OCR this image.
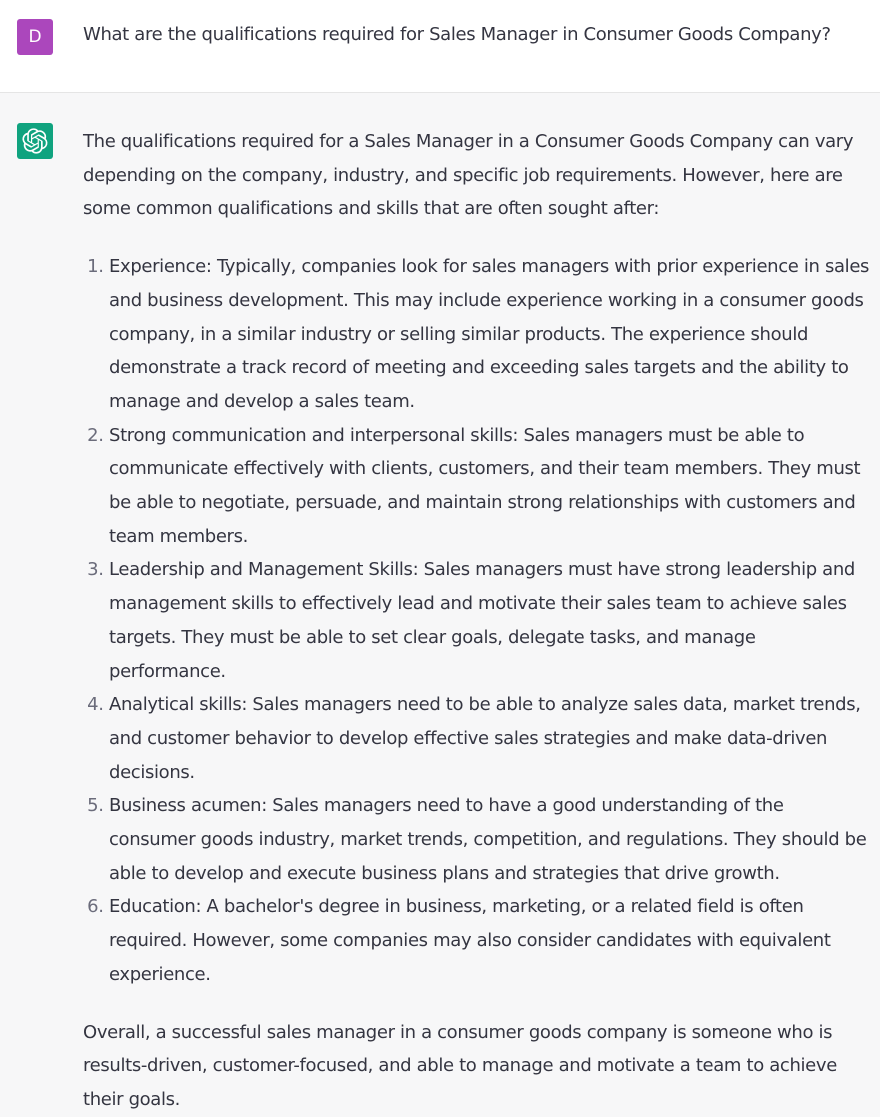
D	What are the qualifications required for Sales Manager in Consumer Goods Company?

The qualifications required for a Sales Manager in a Consumer Goods Company can vary depending on the company, industry, and specific job requirements. However, here are some common qualifications and skills that are often sought after:

1. Experience: Typically, companies look for sales managers with prior experience in sales and business development. This may include experience working in a consumer goods company, in a similar industry or selling similar products. The experience should demonstrate a track record of meeting and exceeding sales targets and the ability to manage and develop a sales team.
2. Strong communication and interpersonal skills: Sales managers must be able to communicate effectively with clients, customers, and their team members. They must be able to negotiate, persuade, and maintain strong relationships with customers and team members.
3. Leadership and Management Skills: Sales managers must have strong leadership and management skills to effectively lead and motivate their sales team to achieve sales targets. They must be able to set clear goals, delegate tasks, and manage performance.
4. Analytical skills: Sales managers need to be able to analyze sales data, market trends, and customer behavior to develop effective sales strategies and make data-driven decisions.
5. Business acumen: Sales managers need to have a good understanding of the consumer goods industry, market trends, competition, and regulations. They should be able to develop and execute business plans and strategies that drive growth.
6. Education: A bachelor's degree in business, marketing, or a related field is often required. However, some companies may also consider candidates with equivalent experience.

Overall, a successful sales manager in a consumer goods company is someone who is results-driven, customer-focused, and able to manage and motivate a team to achieve their goals.
